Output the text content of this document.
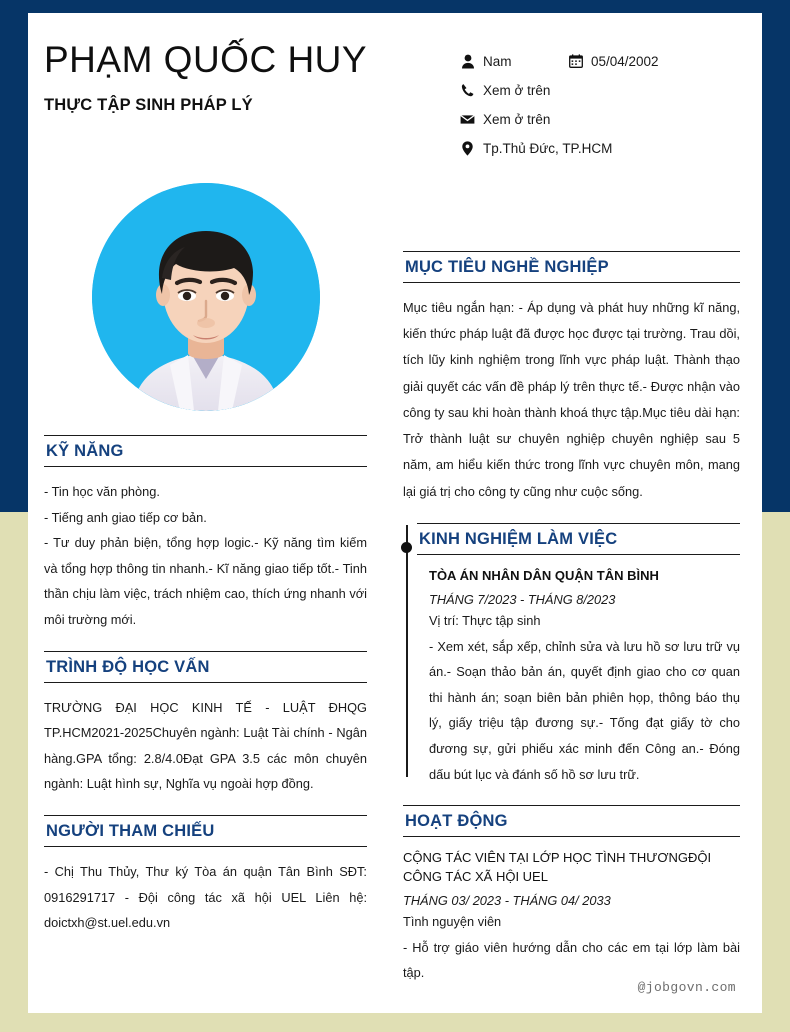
PHẠM QUỐC HUY
THỰC TẬP SINH PHÁP LÝ
Nam	05/04/2002
Xem ở trên
Xem ở trên
Tp.Thủ Đức, TP.HCM
KỸ NĂNG

- Tin học văn phòng.

- Tiếng anh giao tiếp cơ bản.

- Tư duy phản biện, tổng hợp logic.- Kỹ năng tìm kiếm và tổng hợp thông tin nhanh.- Kĩ năng giao tiếp tốt.- Tinh thần chịu làm việc, trách nhiệm cao, thích ứng nhanh với môi trường mới.

TRÌNH ĐỘ HỌC VẤN

TRƯỜNG ĐẠI HỌC KINH TẾ - LUẬT ĐHQG TP.HCM2021-2025Chuyên ngành: Luật Tài chính - Ngân hàng.GPA tổng: 2.8/4.0Đạt GPA 3.5 các môn chuyên ngành: Luật hình sự, Nghĩa vụ ngoài hợp đồng.

NGƯỜI THAM CHIẾU

- Chị Thu Thủy, Thư ký Tòa án quận Tân Bình SĐT: 0916291717 - Đội công tác xã hội UEL Liên hệ: doictxh@st.uel.edu.vn

MỤC TIÊU NGHỀ NGHIỆP

Mục tiêu ngắn hạn: - Áp dụng và phát huy những kĩ năng, kiến thức pháp luật đã được học được tại trường. Trau dồi, tích lũy kinh nghiệm trong lĩnh vực pháp luật. Thành thạo giải quyết các vấn đề pháp lý trên thực tế.- Được nhận vào công ty sau khi hoàn thành khoá thực tập.Mục tiêu dài hạn: Trở thành luật sư chuyên nghiệp chuyên nghiệp sau 5 năm, am hiểu kiến thức trong lĩnh vực chuyên môn, mang lại giá trị cho công ty cũng như cuộc sống.

KINH NGHIỆM LÀM VIỆC
TÒA ÁN NHÂN DÂN QUẬN TÂN BÌNH
THÁNG 7/2023 - THÁNG 8/2023
Vị trí: Thực tập sinh

- Xem xét, sắp xếp, chỉnh sửa và lưu hồ sơ lưu trữ vụ án.- Soạn thảo bản án, quyết định giao cho cơ quan thi hành án; soạn biên bản phiên họp, thông báo thụ lý, giấy triệu tập đương sự.- Tống đạt giấy tờ cho đương sự, gửi phiếu xác minh đến Công an.- Đóng dấu bút lục và đánh số hồ sơ lưu trữ.

HOẠT ĐỘNG
CỘNG TÁC VIÊN TẠI LỚP HỌC TÌNH THƯƠNGĐỘI CÔNG TÁC XÃ HỘI UEL
THÁNG 03/ 2023 - THÁNG 04/ 2033
Tình nguyện viên

- Hỗ trợ giáo viên hướng dẫn cho các em tại lớp làm bài tập.

@jobgovn.com
